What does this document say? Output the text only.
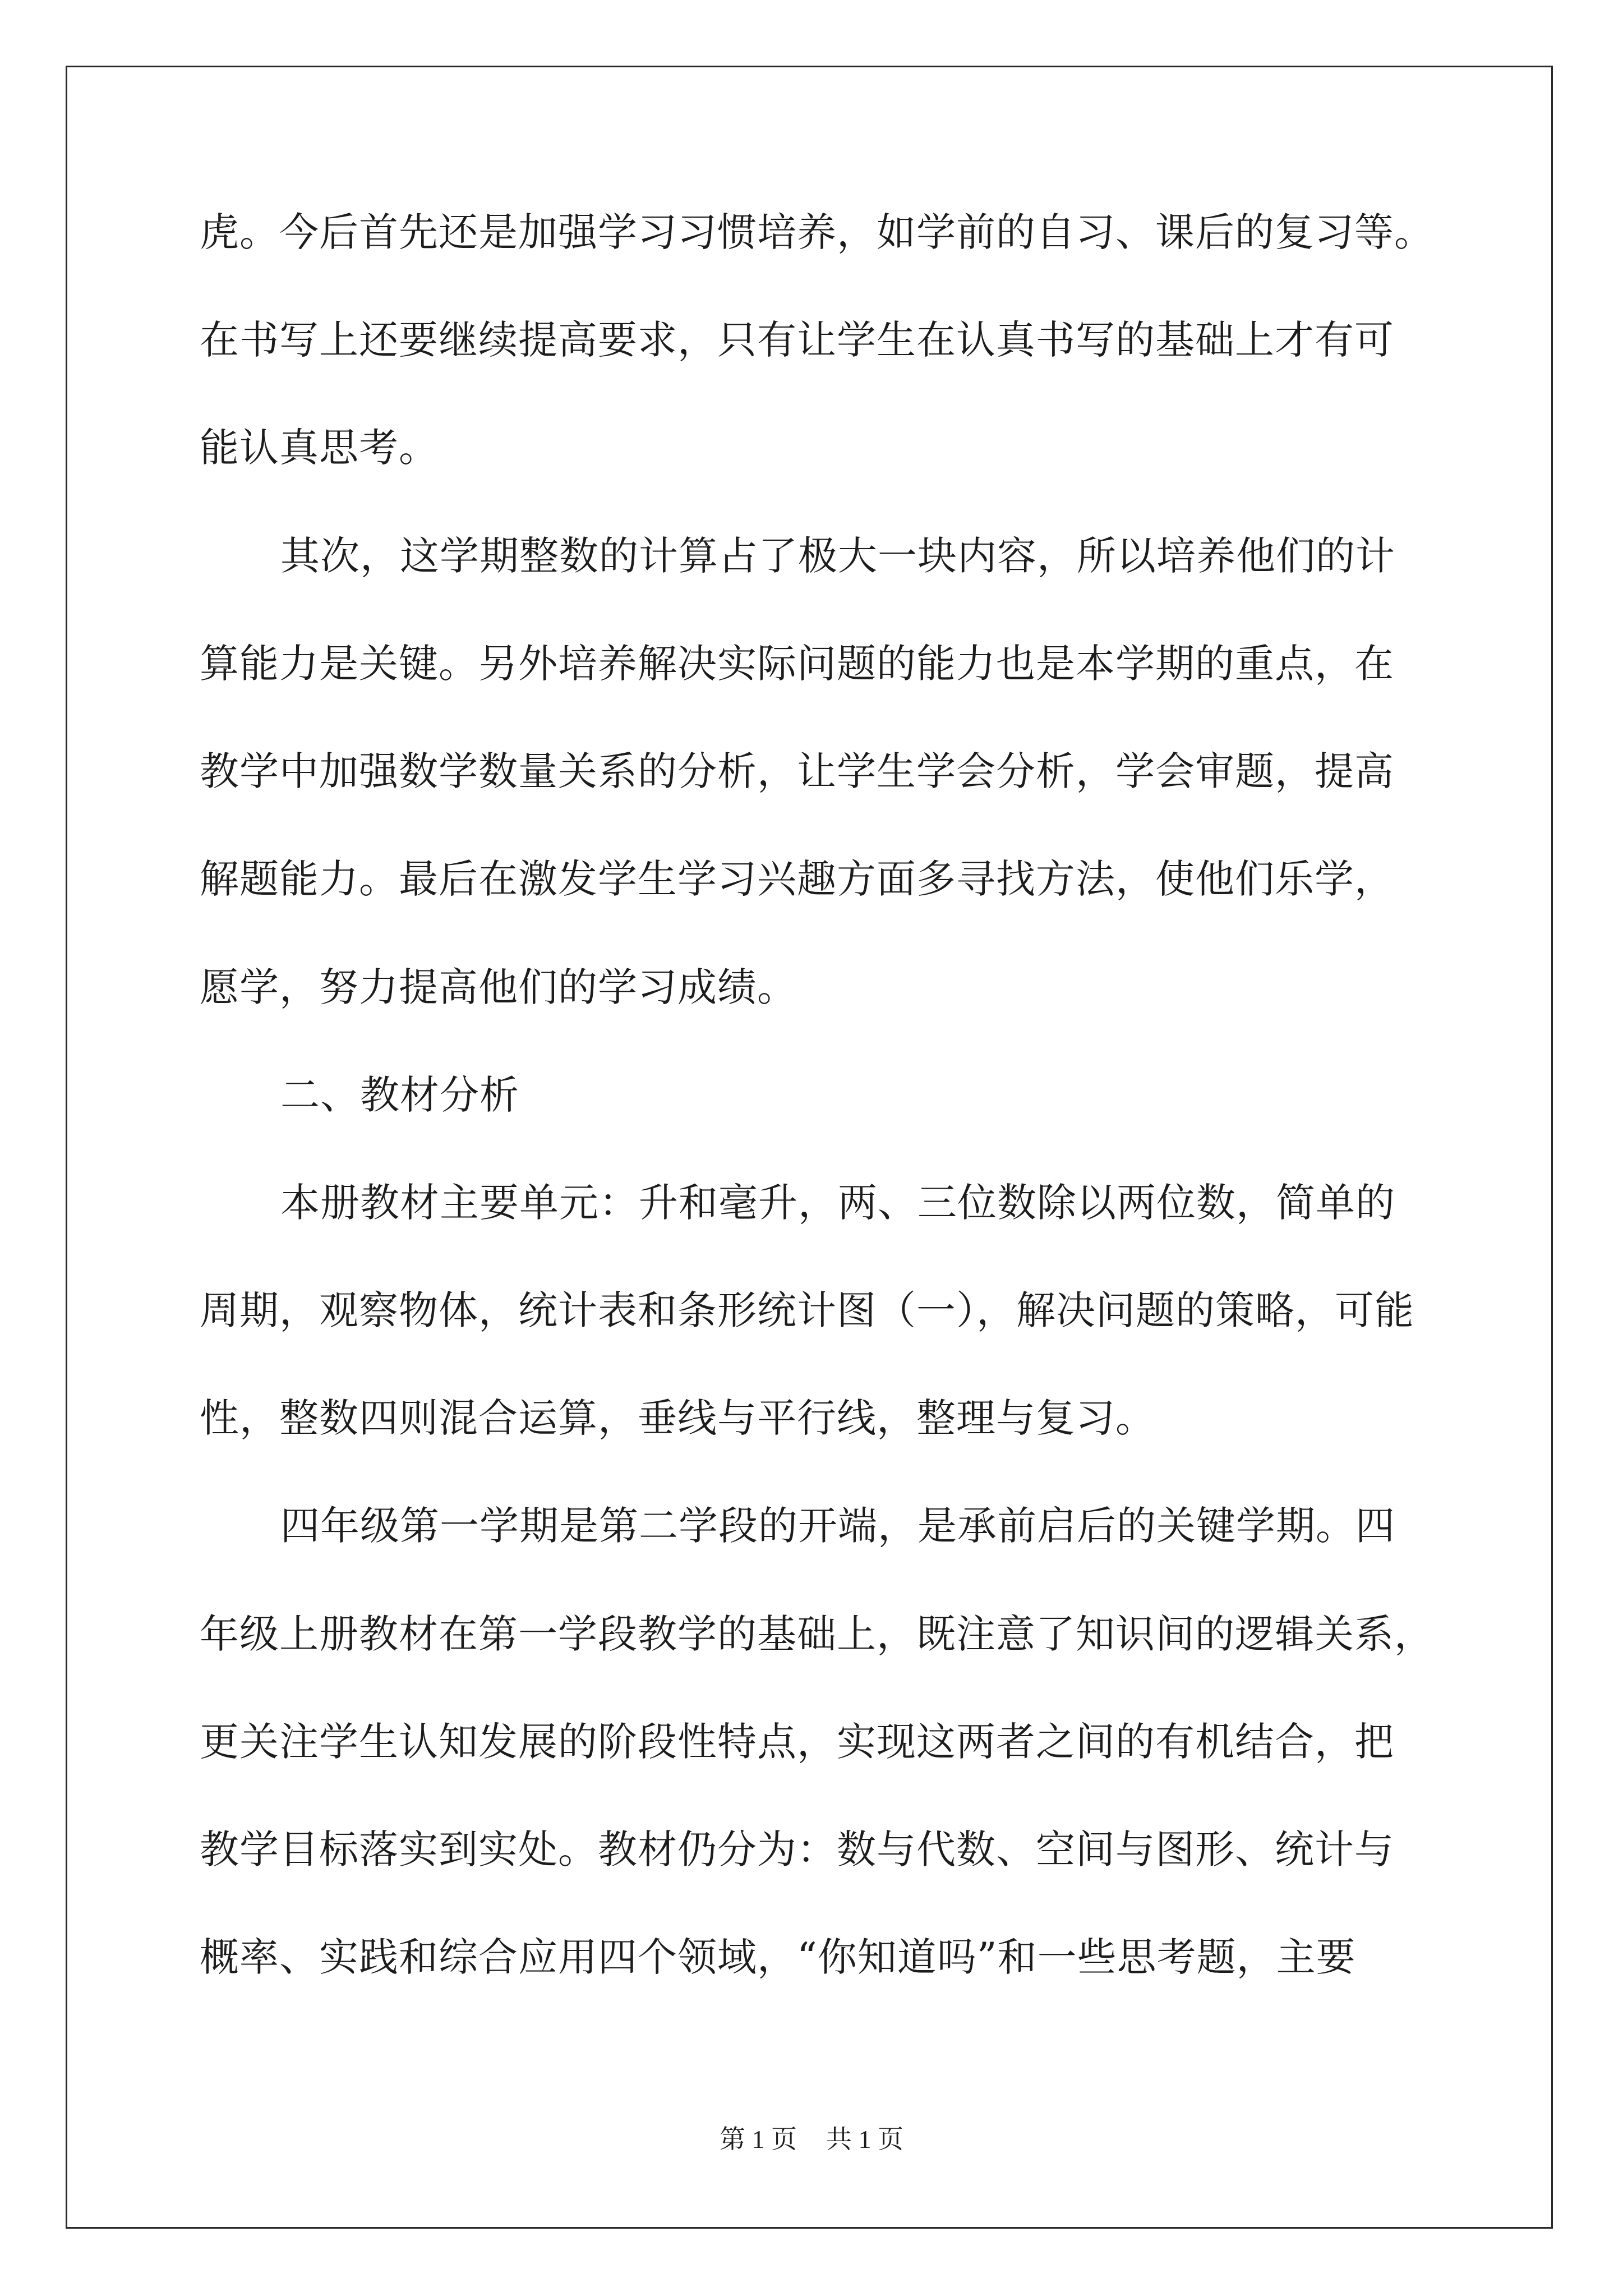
虎。今后首先还是加强学习习惯培养，如学前的自习、课后的复习等。
在书写上还要继续提高要求，只有让学生在认真书写的基础上才有可
能认真思考。
其次，这学期整数的计算占了极大一块内容，所以培养他们的计
算能力是关键。另外培养解决实际问题的能力也是本学期的重点，在
教学中加强数学数量关系的分析，让学生学会分析，学会审题，提高
解题能力。最后在激发学生学习兴趣方面多寻找方法，使他们乐学，
愿学，努力提高他们的学习成绩。
二、教材分析
本册教材主要单元：升和毫升，两、三位数除以两位数，简单的
周期，观察物体，统计表和条形统计图（一），解决问题的策略，可能
性，整数四则混合运算，垂线与平行线，整理与复习。
四年级第一学期是第二学段的开端，是承前启后的关键学期。四
年级上册教材在第一学段教学的基础上，既注意了知识间的逻辑关系，
更关注学生认知发展的阶段性特点，实现这两者之间的有机结合，把
教学目标落实到实处。教材仍分为：数与代数、空间与图形、统计与
概率、实践和综合应用四个领域，“你知道吗”和一些思考题，主要
第 1 页 共 1 页
